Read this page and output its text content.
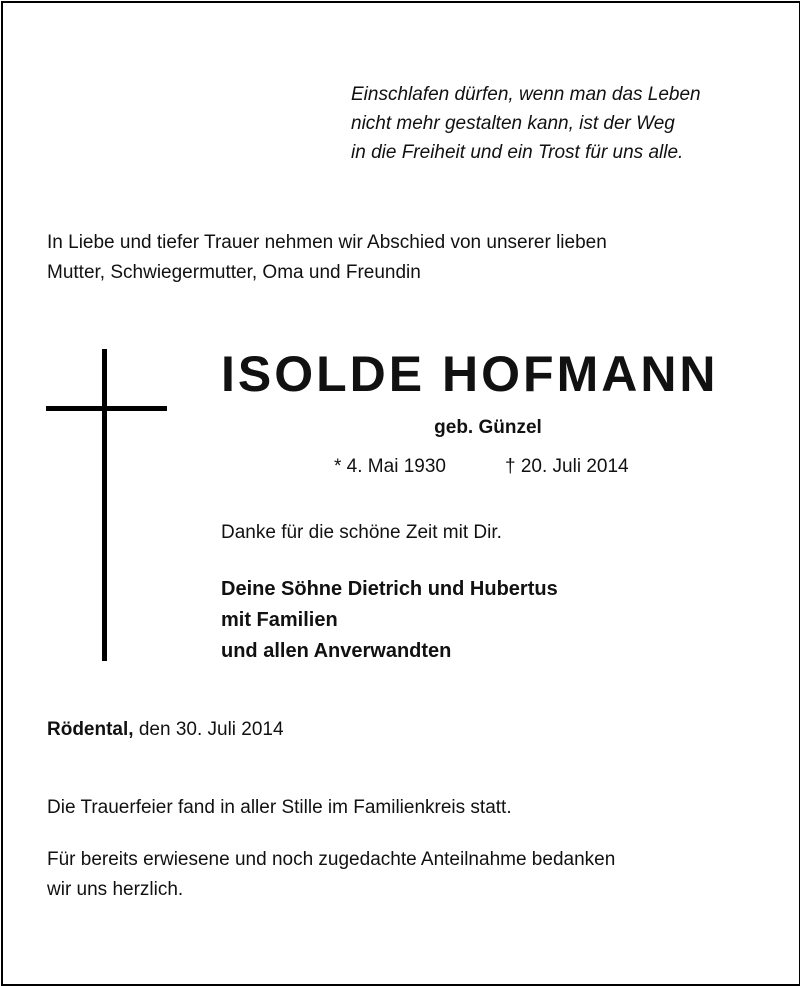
Einschlafen dürfen, wenn man das Leben
nicht mehr gestalten kann, ist der Weg
in die Freiheit und ein Trost für uns alle.
In Liebe und tiefer Trauer nehmen wir Abschied von unserer lieben
Mutter, Schwiegermutter, Oma und Freundin
ISOLDE HOFMANN
geb. Günzel
* 4. Mai 1930	† 20. Juli 2014
Danke für die schöne Zeit mit Dir.
Deine Söhne Dietrich und Hubertus
mit Familien
und allen Anverwandten
Rödental, den 30. Juli 2014
Die Trauerfeier fand in aller Stille im Familienkreis statt.
Für bereits erwiesene und noch zugedachte Anteilnahme bedanken
wir uns herzlich.
